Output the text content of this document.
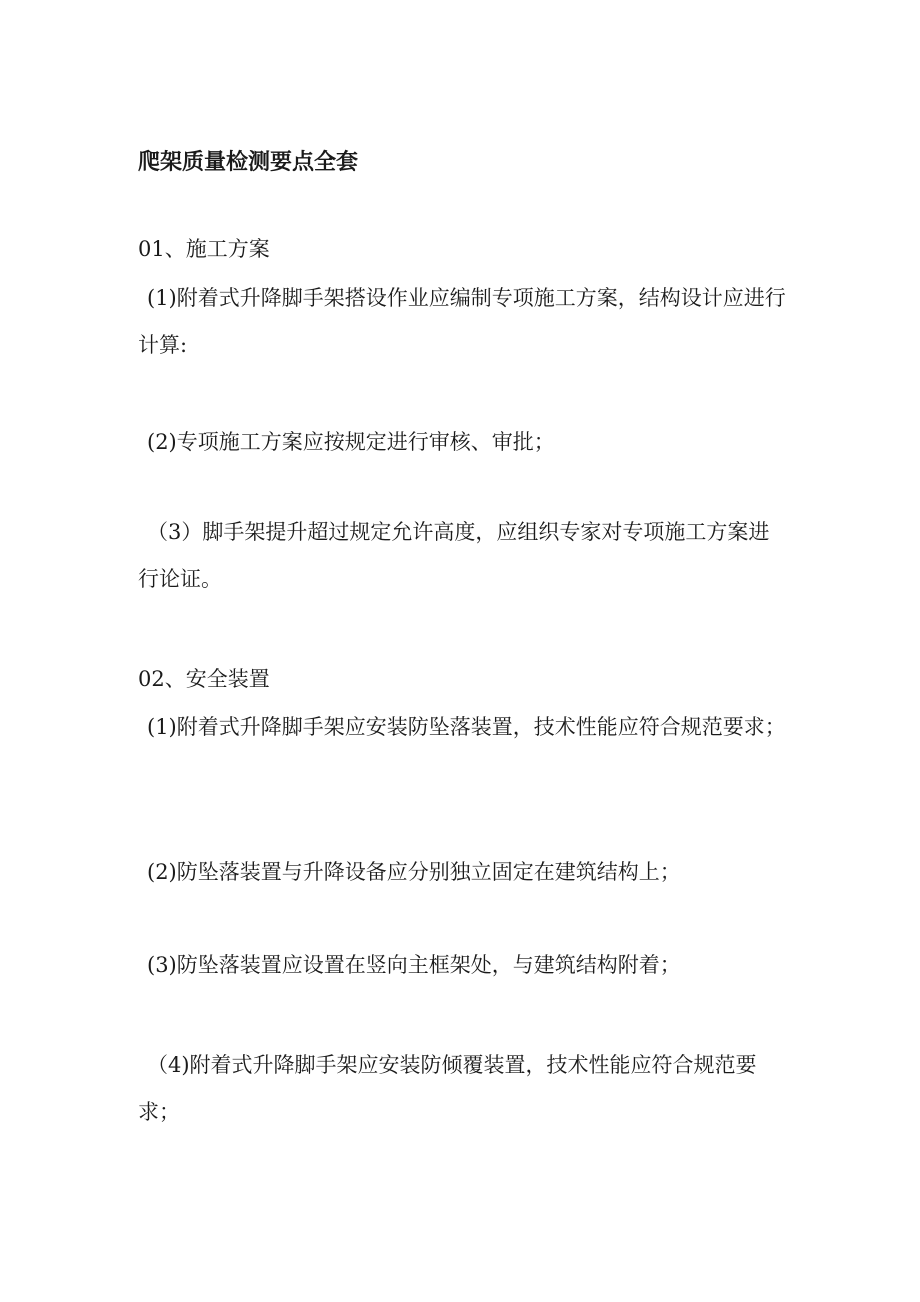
爬架质量检测要点全套
01、施工方案
(1)附着式升降脚手架搭设作业应编制专项施工方案，结构设计应进行计算:
(2)专项施工方案应按规定进行审核、审批；
（3）脚手架提升超过规定允许高度，应组织专家对专项施工方案进行论证。
02、安全装置
(1)附着式升降脚手架应安装防坠落装置，技术性能应符合规范要求；
(2)防坠落装置与升降设备应分别独立固定在建筑结构上；
(3)防坠落装置应设置在竖向主框架处，与建筑结构附着；
（4)附着式升降脚手架应安装防倾覆装置，技术性能应符合规范要求；
